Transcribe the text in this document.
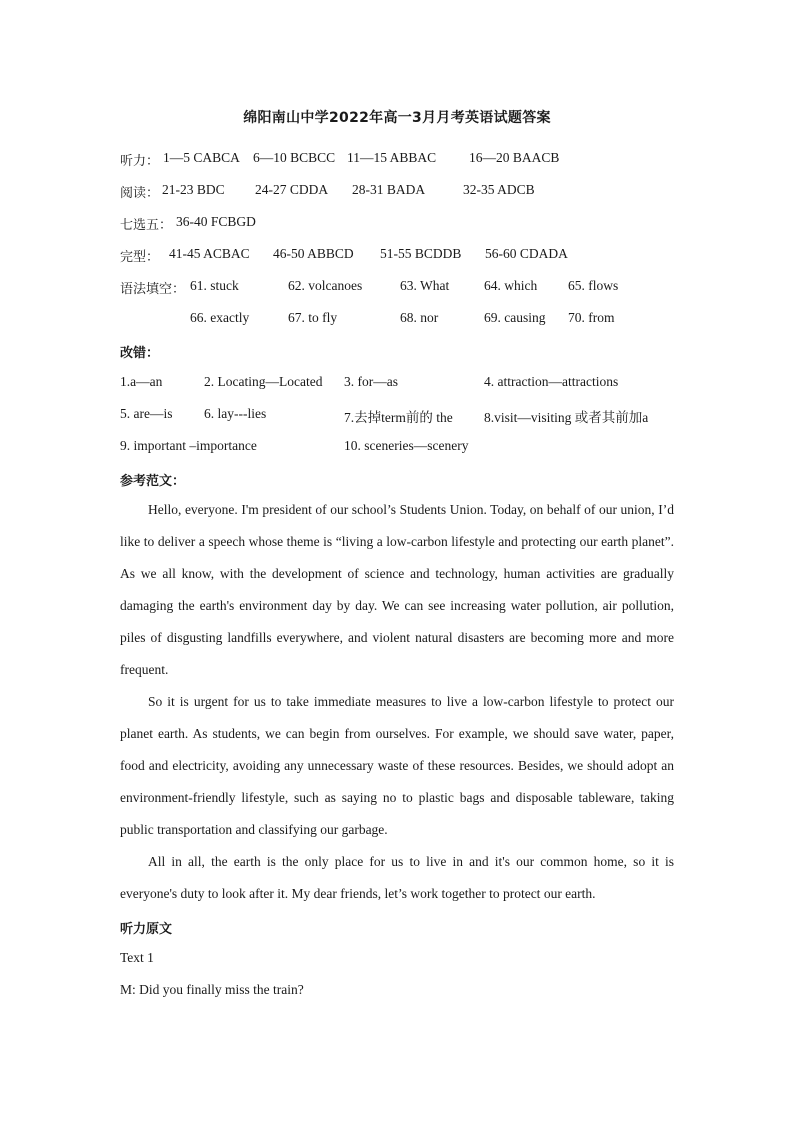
绵阳南山中学2022年高一3月月考英语试题答案
听力： 1—5 CABCA 6—10 BCBCC 11—15 ABBAC 16—20 BAACB
阅读： 21-23 BDC 24-27 CDDA 28-31 BADA	32-35 ADCB
七选五： 36-40 FCBGD
完型： 41-45 ACBAC 46-50 ABBCD 51-55 BCDDB 56-60 CDADA
语法填空： 61. stuck	62. volcanoes	63. What	64. which 65. flows
66. exactly	67. to fly	68. nor	69. causing 70. from
改错：
1.a—an	2. Locating—Located 3. for—as	4. attraction—attractions
5. are—is 6. lay---lies	7.去掉term前的 the 8.visit—visiting 或者其前加a
9. important –importance	10. sceneries—scenery
参考范文：

Hello, everyone. I'm president of our school’s Students Union. Today, on behalf of our union, I’d like to deliver a speech whose theme is “living a low-carbon lifestyle and protecting our earth planet”. As we all know, with the development of science and technology, human activities are gradually damaging the earth's environment day by day. We can see increasing water pollution, air pollution, piles of disgusting landfills everywhere, and violent natural disasters are becoming more and more frequent.

So it is urgent for us to take immediate measures to live a low-carbon lifestyle to protect our planet earth. As students, we can begin from ourselves. For example, we should save water, paper, food and electricity, avoiding any unnecessary waste of these resources. Besides, we should adopt an environment-friendly lifestyle, such as saying no to plastic bags and disposable tableware, taking public transportation and classifying our garbage.

All in all, the earth is the only place for us to live in and it's our common home, so it is everyone's duty to look after it. My dear friends, let’s work together to protect our earth.

听力原文
Text 1
M: Did you finally miss the train?
